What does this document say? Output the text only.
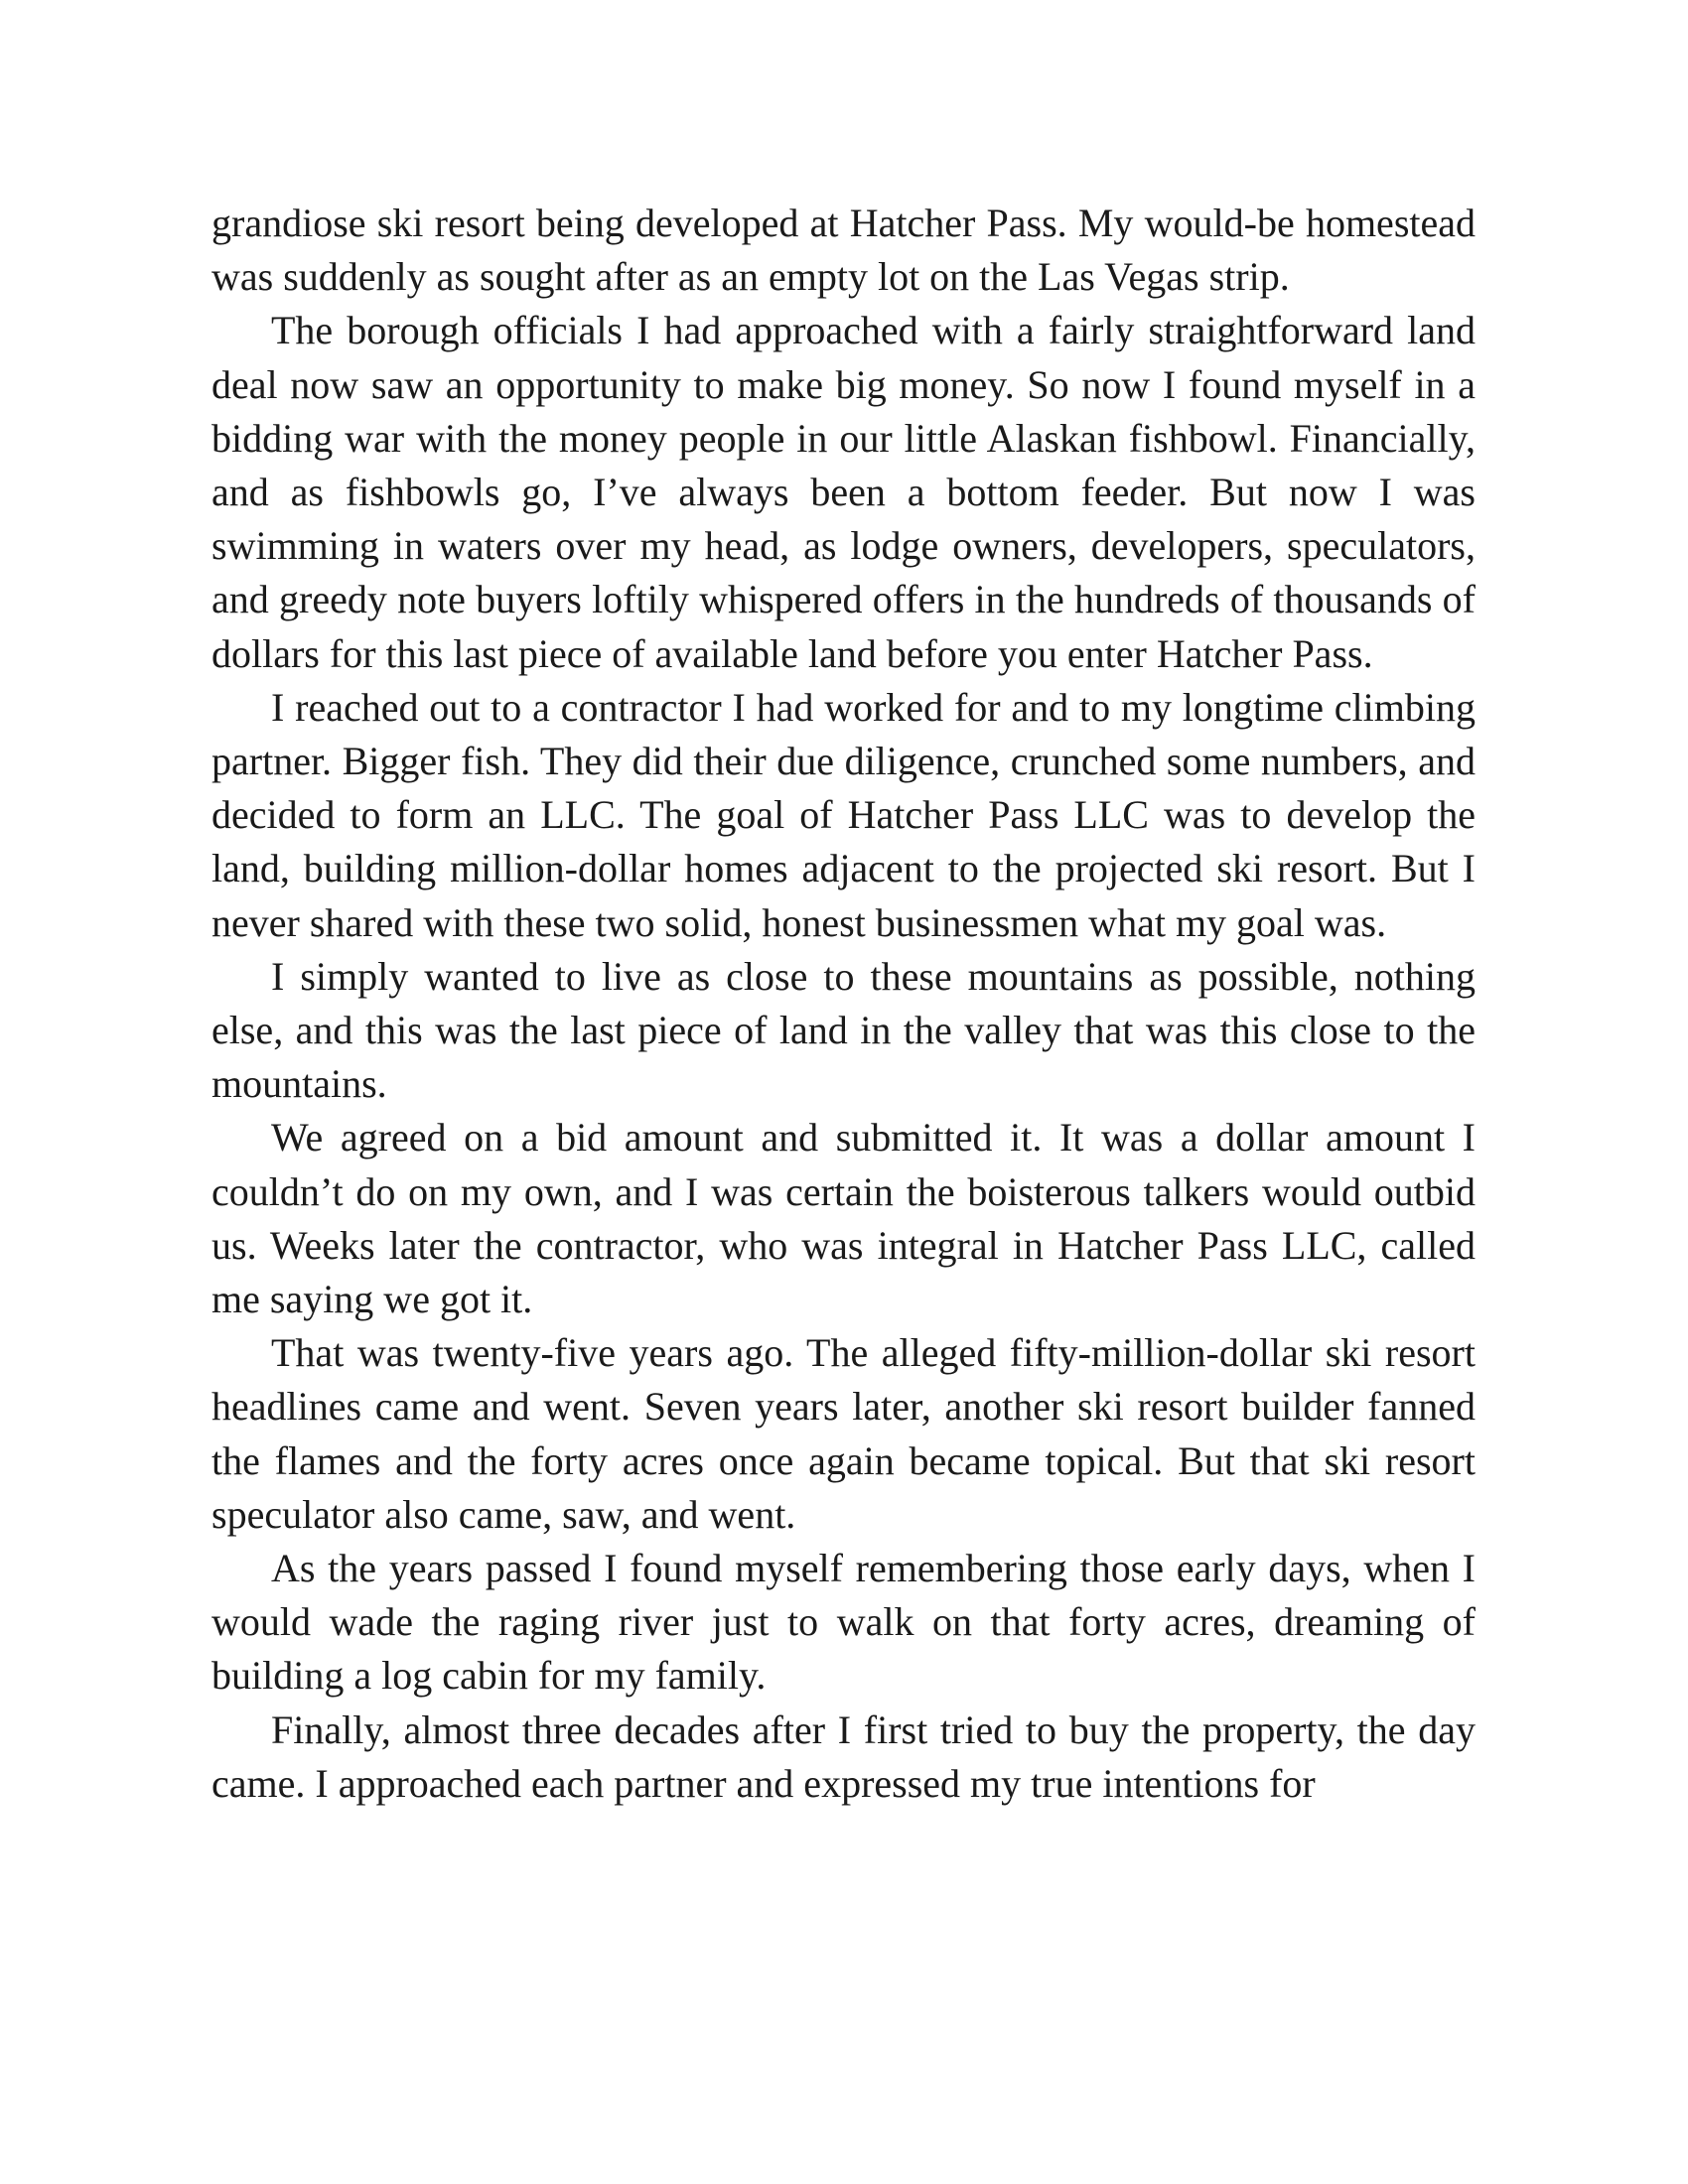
grandiose ski resort being developed at Hatcher Pass. My would-be homestead was suddenly as sought after as an empty lot on the Las Vegas strip.

The borough officials I had approached with a fairly straightforward land deal now saw an opportunity to make big money. So now I found myself in a bidding war with the money people in our little Alaskan fishbowl. Financially, and as fishbowls go, I’ve always been a bottom feeder. But now I was swimming in waters over my head, as lodge owners, developers, speculators, and greedy note buyers loftily whispered offers in the hundreds of thousands of dollars for this last piece of available land before you enter Hatcher Pass.

I reached out to a contractor I had worked for and to my longtime climbing partner. Bigger fish. They did their due diligence, crunched some numbers, and decided to form an LLC. The goal of Hatcher Pass LLC was to develop the land, building million-dollar homes adjacent to the projected ski resort. But I never shared with these two solid, honest businessmen what my goal was.

I simply wanted to live as close to these mountains as possible, nothing else, and this was the last piece of land in the valley that was this close to the mountains.

We agreed on a bid amount and submitted it. It was a dollar amount I couldn’t do on my own, and I was certain the boisterous talkers would outbid us. Weeks later the contractor, who was integral in Hatcher Pass LLC, called me saying we got it.

That was twenty-five years ago. The alleged fifty-million-dollar ski resort headlines came and went. Seven years later, another ski resort builder fanned the flames and the forty acres once again became topical. But that ski resort speculator also came, saw, and went.

As the years passed I found myself remembering those early days, when I would wade the raging river just to walk on that forty acres, dreaming of building a log cabin for my family.

Finally, almost three decades after I first tried to buy the property, the day came. I approached each partner and expressed my true intentions for
